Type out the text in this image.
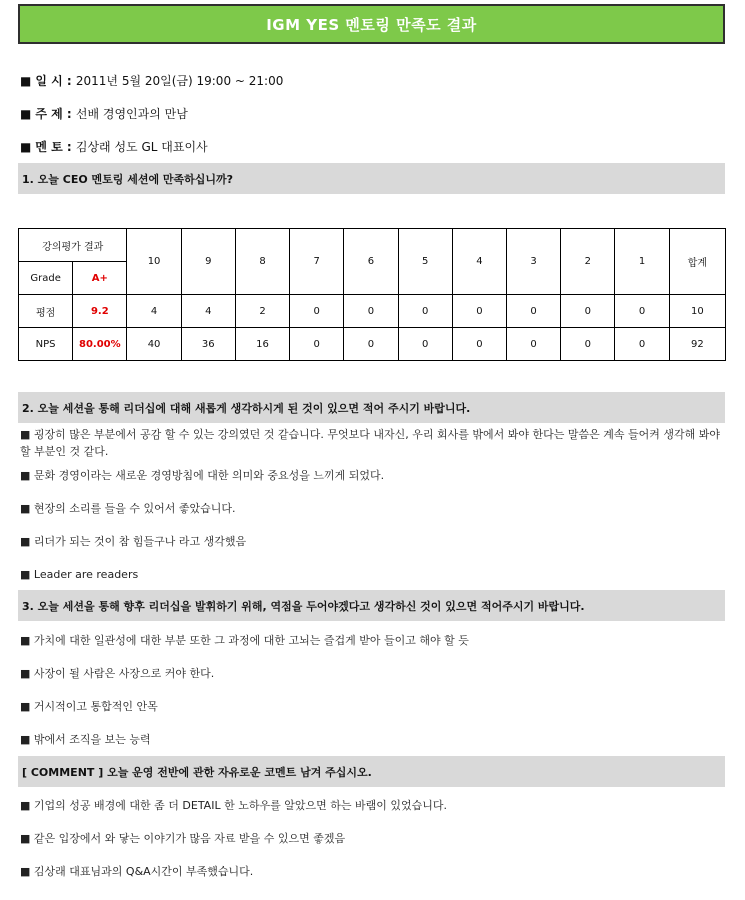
IGM YES 멘토링 만족도 결과
■ 일 시 : 2011년 5월 20일(금) 19:00 ~ 21:00
■ 주 제 : 선배 경영인과의 만남
■ 멘 토 : 김상래 성도 GL 대표이사
1. 오늘 CEO 멘토링 세션에 만족하십니까?
강의평가 결과		10	9	8	7	6	5	4	3	2	1	합계
Grade	A+											
평점	9.2	4	4	2	0	0	0	0	0	0	0	10
NPS	80.00%	40	36	16	0	0	0	0	0	0	0	92
2. 오늘 세션을 통해 리더십에 대해 새롭게 생각하시게 된 것이 있으면 적어 주시기 바랍니다.
■ 굉장히 많은 부분에서 공감 할 수 있는 강의였던 것 같습니다. 무엇보다 내자신, 우리 회사를 밖에서 봐야 한다는 말씀은 계속 들어켜 생각해 봐야 할 부분인 것 같다.
■ 문화 경영이라는 새로운 경영방침에 대한 의미와 중요성을 느끼게 되었다.
■ 현장의 소리를 들을 수 있어서 좋았습니다.
■ 리더가 되는 것이 참 힘들구나 라고 생각했음
■ Leader are readers
3. 오늘 세션을 통해 향후 리더십을 발휘하기 위해, 역점을 두어야겠다고 생각하신 것이 있으면 적어주시기 바랍니다.
■ 가치에 대한 일관성에 대한 부분 또한 그 과정에 대한 고뇌는 즐겁게 받아 들이고 해야 할 듯
■ 사장이 될 사람은 사장으로 커야 한다.
■ 거시적이고 통합적인 안목
■ 밖에서 조직을 보는 능력
[ COMMENT ] 오늘 운영 전반에 관한 자유로운 코멘트 남겨 주십시오.
■ 기업의 성공 배경에 대한 좀 더 DETAIL 한 노하우를 알았으면 하는 바램이 있었습니다.
■ 같은 입장에서 와 닿는 이야기가 많음 자료 받을 수 있으면 좋겠음
■ 김상래 대표님과의 Q&A시간이 부족했습니다.
